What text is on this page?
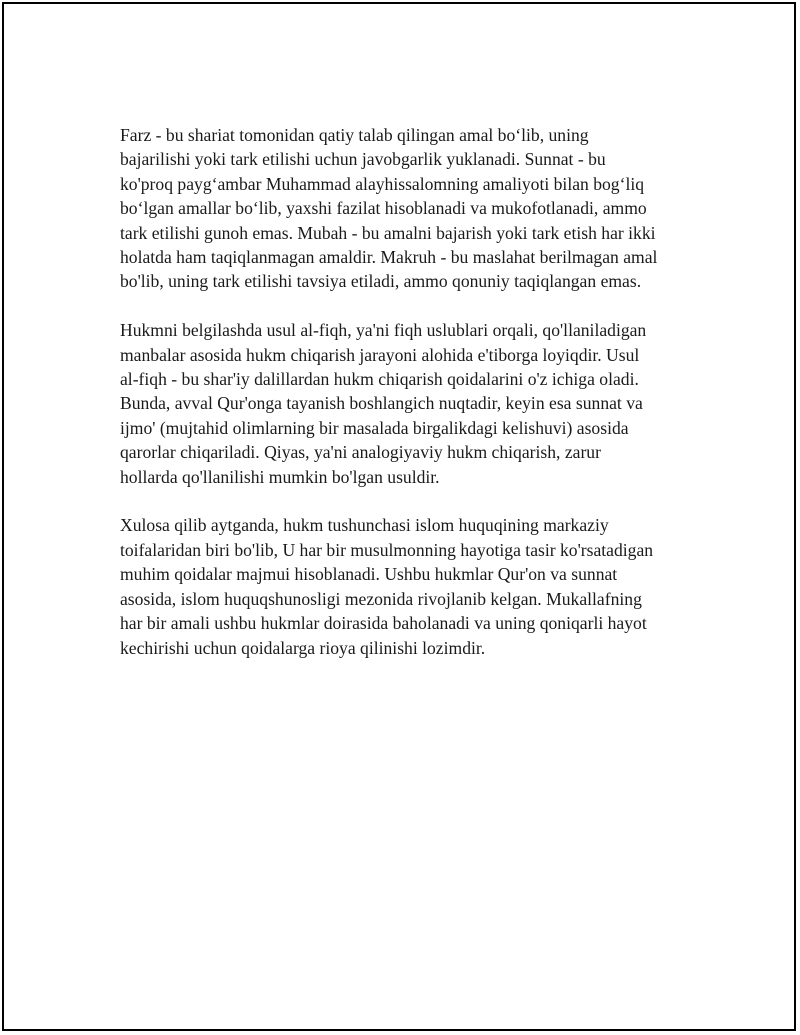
Farz - bu shariat tomonidan qatiy talab qilingan amal bo‘lib, uning
bajarilishi yoki tark etilishi uchun javobgarlik yuklanadi. Sunnat - bu
ko'proq payg‘ambar Muhammad alayhissalomning amaliyoti bilan bog‘liq
bo‘lgan amallar bo‘lib, yaxshi fazilat hisoblanadi va mukofotlanadi, ammo
tark etilishi gunoh emas. Mubah - bu amalni bajarish yoki tark etish har ikki
holatda ham taqiqlanmagan amaldir. Makruh - bu maslahat berilmagan amal
bo'lib, uning tark etilishi tavsiya etiladi, ammo qonuniy taqiqlangan emas.

Hukmni belgilashda usul al-fiqh, ya'ni fiqh uslublari orqali, qo'llaniladigan
manbalar asosida hukm chiqarish jarayoni alohida e'tiborga loyiqdir. Usul
al-fiqh - bu shar'iy dalillardan hukm chiqarish qoidalarini o'z ichiga oladi.
Bunda, avval Qur'onga tayanish boshlangich nuqtadir, keyin esa sunnat va
ijmo' (mujtahid olimlarning bir masalada birgalikdagi kelishuvi) asosida
qarorlar chiqariladi. Qiyas, ya'ni analogiyaviy hukm chiqarish, zarur
hollarda qo'llanilishi mumkin bo'lgan usuldir.

Xulosa qilib aytganda, hukm tushunchasi islom huquqining markaziy
toifalaridan biri bo'lib, U har bir musulmonning hayotiga tasir ko'rsatadigan
muhim qoidalar majmui hisoblanadi. Ushbu hukmlar Qur'on va sunnat
asosida, islom huquqshunosligi mezonida rivojlanib kelgan. Mukallafning
har bir amali ushbu hukmlar doirasida baholanadi va uning qoniqarli hayot
kechirishi uchun qoidalarga rioya qilinishi lozimdir.
